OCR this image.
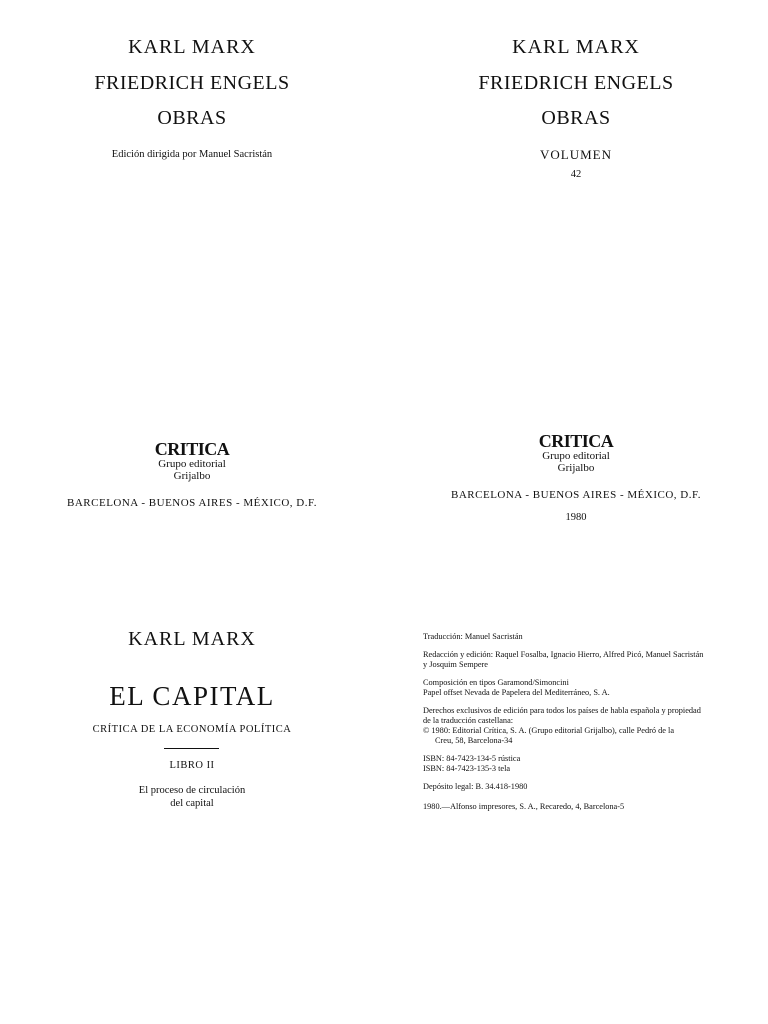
KARL MARX
FRIEDRICH ENGELS
OBRAS
Edición dirigida por Manuel Sacristán
CRITICA
Grupo editorial
Grijalbo
BARCELONA - BUENOS AIRES - MÉXICO, D.F.
KARL MARX
FRIEDRICH ENGELS
OBRAS
VOLUMEN
42
CRITICA
Grupo editorial
Grijalbo
BARCELONA - BUENOS AIRES - MÉXICO, D.F.
1980
KARL MARX
EL CAPITAL
CRÍTICA DE LA ECONOMÍA POLÍTICA
LIBRO II
El proceso de circulación
del capital
Traducción: Manuel Sacristán
Redacción y edición: Raquel Fosalba, Ignacio Hierro, Alfred Picó, Manuel Sacristán
y Josquim Sempere
Composición en tipos Garamond/Simoncini
Papel offset Nevada de Papelera del Mediterráneo, S. A.
Derechos exclusivos de edición para todos los países de habla española y propiedad
de la traducción castellana:
© 1980: Editorial Crítica, S. A. (Grupo editorial Grijalbo), calle Pedró de la
Creu, 58, Barcelona-34
ISBN: 84-7423-134-5 rústica
ISBN: 84-7423-135-3 tela
Depósito legal: B. 34.418-1980
1980.—Alfonso impresores, S. A., Recaredo, 4, Barcelona-5
